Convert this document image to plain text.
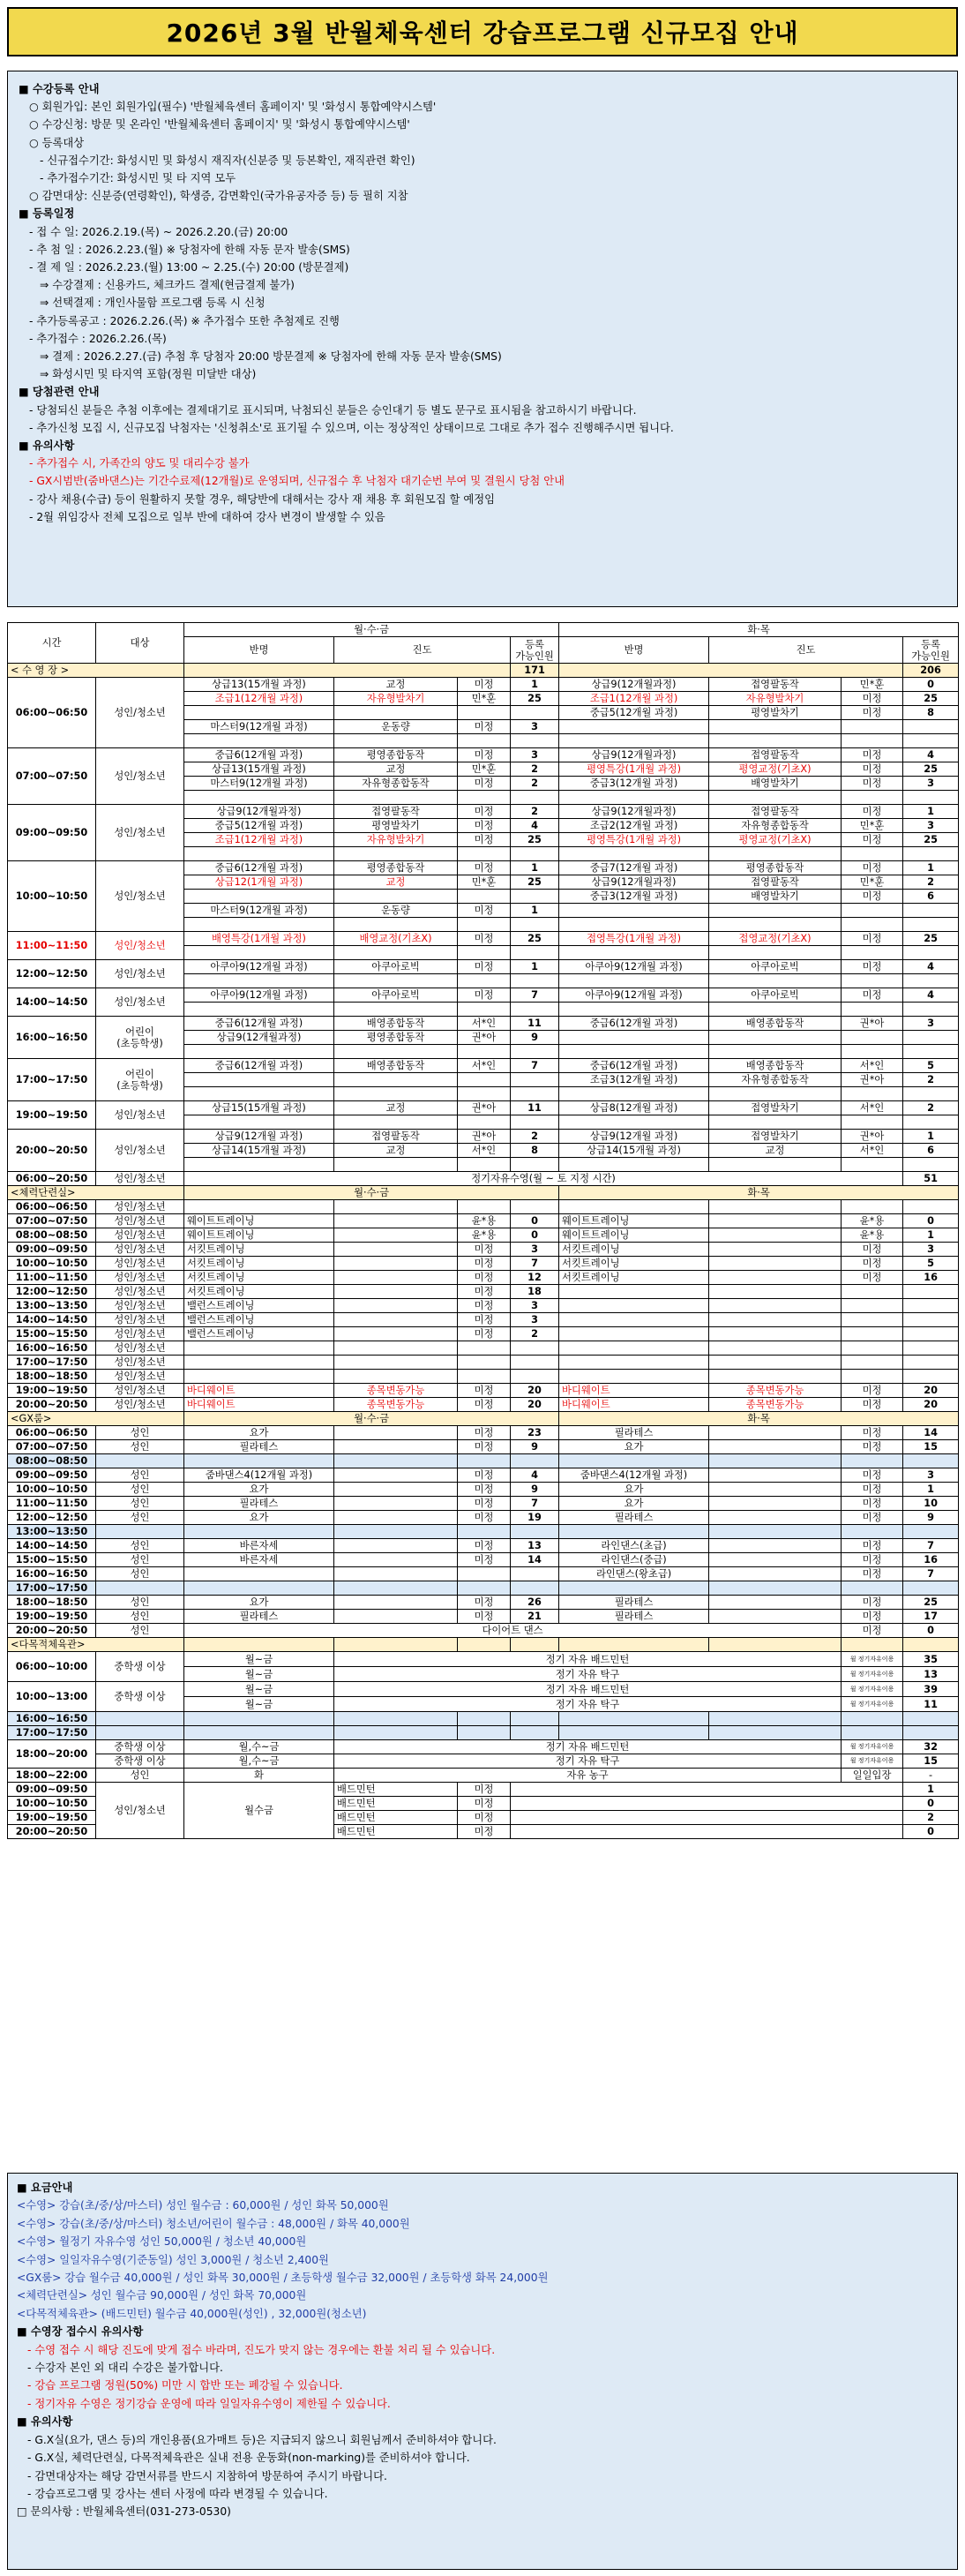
2026년 3월 반월체육센터 강습프로그램 신규모집 안내
■ 수강등록 안내
○ 회원가입: 본인 회원가입(필수) '반월체육센터 홈페이지' 및 '화성시 통합예약시스템'
○ 수강신청: 방문 및 온라인 '반월체육센터 홈페이지' 및 '화성시 통합예약시스템'
○ 등록대상
- 신규접수기간: 화성시민 및 화성시 재직자(신분증 및 등본확인, 재직관련 확인)
- 추가접수기간: 화성시민 및 타 지역 모두
○ 감면대상: 신분증(연령확인), 학생증, 감면확인(국가유공자증 등) 등 필히 지참
■ 등록일정
- 접 수 일: 2026.2.19.(목) ~ 2026.2.20.(금) 20:00
- 추 첨 일 : 2026.2.23.(월) ※ 당첨자에 한해 자동 문자 발송(SMS)
- 결 제 일 : 2026.2.23.(월) 13:00 ~ 2.25.(수) 20:00 (방문결제)
⇒ 수강결제 : 신용카드, 체크카드 결제(현금결제 불가)
⇒ 선택결제 : 개인사물함 프로그램 등록 시 신청
- 추가등록공고 : 2026.2.26.(목) ※ 추가접수 또한 추첨제로 진행
- 추가접수 : 2026.2.26.(목)
⇒ 결제 : 2026.2.27.(금) 추첨 후 당첨자 20:00 방문결제 ※ 당첨자에 한해 자동 문자 발송(SMS)
⇒ 화성시민 및 타지역 포함(정원 미달반 대상)
■ 당첨관련 안내
- 당첨되신 분들은 추첨 이후에는 결제대기로 표시되며, 낙첨되신 분들은 승인대기 등 별도 문구로 표시됨을 참고하시기 바랍니다.
- 추가신청 모집 시, 신규모집 낙첨자는 '신청취소'로 표기될 수 있으며, 이는 정상적인 상태이므로 그대로 추가 접수 진행해주시면 됩니다.
■ 유의사항
- 추가접수 시, 가족간의 양도 및 대리수강 불가
- GX시범반(줌바댄스)는 기간수료제(12개월)로 운영되며, 신규접수 후 낙첨자 대기순번 부여 및 결원시 당첨 안내
- 강사 채용(수급) 등이 원활하지 못할 경우, 해당반에 대해서는 강사 재 채용 후 회원모집 할 예정임
- 2월 위임강사 전체 모집으로 일부 반에 대하여 강사 변경이 발생할 수 있음
시간	대상	월·수·금				화·목			
		반명	진도		등록
가능인원	반명	진도		등록
가능인원
< 수 영 장 >					171				206
06:00~06:50	성인/청소년	상급13(15개월 과정)	교정	미정	1	상급9(12개월과정)	접영팔동작	민*훈	0
		조급1(12개월 과정)	자유형발차기	민*훈	25	조급1(12개월 과정)	자유형발차기	미정	25
						중급5(12개월 과정)	평영발차기	미정	8
		마스터9(12개월 과정)	운동량	미정	3				

07:00~07:50	성인/청소년	중급6(12개월 과정)	평영종합동작	미정	3	상급9(12개월과정)	접영팔동작	미정	4
		상급13(15개월 과정)	교정	민*훈	2	평영특강(1개월 과정)	평영교정(기초X)	미정	25
		마스터9(12개월 과정)	자유형종합동작	미정	2	중급3(12개월 과정)	배영발차기	미정	3

09:00~09:50	성인/청소년	상급9(12개월과정)	접영팔동작	미정	2	상급9(12개월과정)	접영팔동작	미정	1
		중급5(12개월 과정)	평영발차기	미정	4	조급2(12개월 과정)	자유형종합동작	민*훈	3
		조급1(12개월 과정)	자유형발차기	미정	25	평영특강(1개월 과정)	평영교정(기초X)	미정	25

10:00~10:50	성인/청소년	중급6(12개월 과정)	평영종합동작	미정	1	중급7(12개월 과정)	평영종합동작	미정	1
		상급12(1개월 과정)	교정	민*훈	25	상급9(12개월과정)	접영팔동작	민*훈	2
						중급3(12개월 과정)	배영발차기	미정	6
		마스터9(12개월 과정)	운동량	미정	1				

11:00~11:50	성인/청소년	배영특강(1개월 과정)	배영교정(기초X)	미정	25	접영특강(1개월 과정)	접영교정(기초X)	미정	25

12:00~12:50	성인/청소년	아쿠아9(12개월 과정)	아쿠아로빅	미정	1	아쿠아9(12개월 과정)	아쿠아로빅	미정	4

14:00~14:50	성인/청소년	아쿠아9(12개월 과정)	아쿠아로빅	미정	7	아쿠아9(12개월 과정)	아쿠아로빅	미정	4

16:00~16:50	어린이
(초등학생)	중급6(12개월 과정)	배영종합동작	서*인	11	중급6(12개월 과정)	배영종합동작	권*아	3
		상급9(12개월과정)	평영종합동작	권*아	9				

17:00~17:50	어린이
(초등학생)	중급6(12개월 과정)	배영종합동작	서*인	7	중급6(12개월 과정)	배영종합동작	서*인	5
						조급3(12개월 과정)	자유형종합동작	권*아	2

19:00~19:50	성인/청소년	상급15(15개월 과정)	교정	권*아	11	상급8(12개월 과정)	접영발차기	서*인	2

20:00~20:50	성인/청소년	상급9(12개월 과정)	접영팔동작	권*아	2	상급9(12개월 과정)	접영발차기	권*아	1
		상급14(15개월 과정)	교정	서*인	8	상급14(15개월 과정)	교정	서*인	6

06:00~20:50	성인/청소년	정기자유수영(월 ~ 토 지정 시간)							51
<체력단련실>		월·수·금				화·목			
06:00~06:50	성인/청소년								
07:00~07:50	성인/청소년	웨이트트레이닝		윤*용	0	웨이트트레이닝		윤*용	0
08:00~08:50	성인/청소년	웨이트트레이닝		윤*용	0	웨이트트레이닝		윤*용	1
09:00~09:50	성인/청소년	서킷트레이닝		미정	3	서킷트레이닝		미정	3
10:00~10:50	성인/청소년	서킷트레이닝		미정	7	서킷트레이닝		미정	5
11:00~11:50	성인/청소년	서킷트레이닝		미정	12	서킷트레이닝		미정	16
12:00~12:50	성인/청소년	서킷트레이닝		미정	18				
13:00~13:50	성인/청소년	밸런스트레이닝		미정	3				
14:00~14:50	성인/청소년	밸런스트레이닝		미정	3				
15:00~15:50	성인/청소년	밸런스트레이닝		미정	2				
16:00~16:50	성인/청소년								
17:00~17:50	성인/청소년								
18:00~18:50	성인/청소년								
19:00~19:50	성인/청소년	바디웨이트	종목변동가능	미정	20	바디웨이트	종목변동가능	미정	20
20:00~20:50	성인/청소년	바디웨이트	종목변동가능	미정	20	바디웨이트	종목변동가능	미정	20
<GX룸>		월·수·금				화·목			
06:00~06:50	성인	요가		미정	23	필라테스		미정	14
07:00~07:50	성인	필라테스		미정	9	요가		미정	15
08:00~08:50									
09:00~09:50	성인	줌바댄스4(12개월 과정)		미정	4	줌바댄스4(12개월 과정)		미정	3
10:00~10:50	성인	요가		미정	9	요가		미정	1
11:00~11:50	성인	필라테스		미정	7	요가		미정	10
12:00~12:50	성인	요가		미정	19	필라테스		미정	9
13:00~13:50									
14:00~14:50	성인	바른자세		미정	13	라인댄스(초급)		미정	7
15:00~15:50	성인	바른자세		미정	14	라인댄스(중급)		미정	16
16:00~16:50	성인					라인댄스(왕초급)		미정	7
17:00~17:50									
18:00~18:50	성인	요가		미정	26	필라테스		미정	25
19:00~19:50	성인	필라테스		미정	21	필라테스		미정	17
20:00~20:50	성인	다이어트 댄스						미정	0
<다목적체육관>									
06:00~10:00	중학생 이상	월~금	정기 자유 배드민턴					월 정기자유이용	35
		월~금	정기 자유 탁구					월 정기자유이용	13
10:00~13:00	중학생 이상	월~금	정기 자유 배드민턴					월 정기자유이용	39
		월~금	정기 자유 탁구					월 정기자유이용	11
16:00~16:50									
17:00~17:50									
18:00~20:00	중학생 이상	월,수~금	정기 자유 배드민턴					월 정기자유이용	32
	중학생 이상	월,수~금	정기 자유 탁구					월 정기자유이용	15
18:00~22:00	성인	화	자유 농구					일일입장	-
09:00~09:50	성인/청소년	월수금	배드민턴	미정					1
10:00~10:50			배드민턴	미정					0
19:00~19:50			배드민턴	미정					2
20:00~20:50			배드민턴	미정					0
■ 요금안내
<수영> 강습(초/중/상/마스터) 성인 월수금 : 60,000원 / 성인 화목 50,000원
<수영> 강습(초/중/상/마스터) 청소년/어린이 월수금 : 48,000원 / 화목 40,000원
<수영> 월정기 자유수영 성인 50,000원 / 청소년 40,000원
<수영> 일일자유수영(기준동일) 성인 3,000원 / 청소년 2,400원
<GX룸> 강습 월수금 40,000원 / 성인 화목 30,000원 / 초등학생 월수금 32,000원 / 초등학생 화목 24,000원
<체력단련실> 성인 월수금 90,000원 / 성인 화목 70,000원
<다목적체육관> (배드민턴) 월수금 40,000원(성인) , 32,000원(청소년)
■ 수영장 접수시 유의사항
- 수영 접수 시 해당 진도에 맞게 접수 바라며, 진도가 맞지 않는 경우에는 환불 처리 될 수 있습니다.
- 수강자 본인 외 대리 수강은 불가합니다.
- 강습 프로그램 정원(50%) 미만 시 합반 또는 폐강될 수 있습니다.
- 정기자유 수영은 정기강습 운영에 따라 일일자유수영이 제한될 수 있습니다.
■ 유의사항
- G.X실(요가, 댄스 등)의 개인용품(요가매트 등)은 지급되지 않으니 회원님께서 준비하셔야 합니다.
- G.X실, 체력단련실, 다목적체육관은 실내 전용 운동화(non-marking)를 준비하셔야 합니다.
- 감면대상자는 해당 감면서류를 반드시 지참하여 방문하여 주시기 바랍니다.
- 강습프로그램 및 강사는 센터 사정에 따라 변경될 수 있습니다.
□ 문의사항 : 반월체육센터(031-273-0530)
